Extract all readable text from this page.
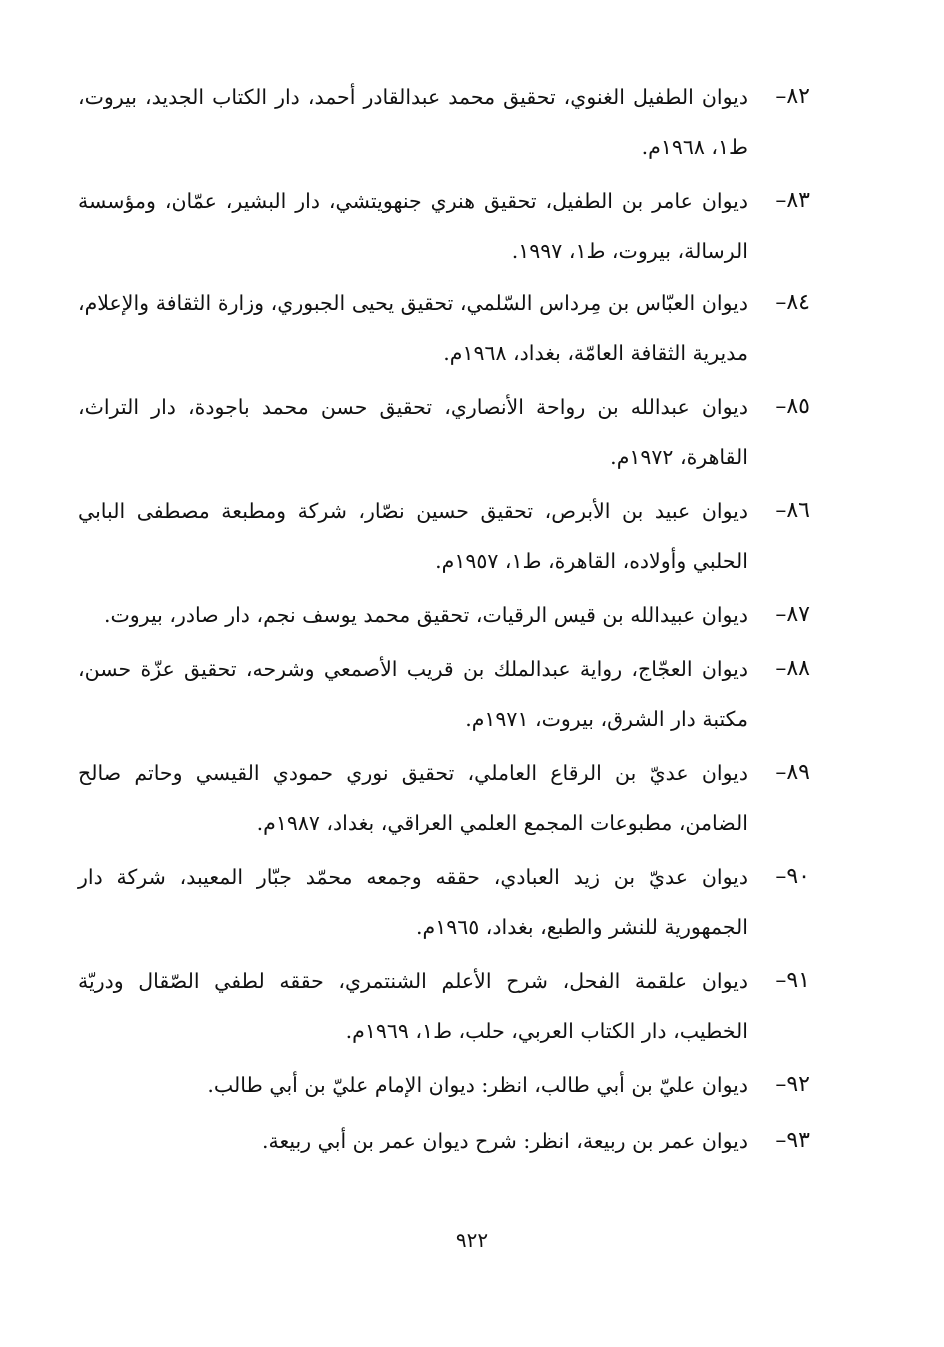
٨٢–
ديوان الطفيل الغنوي، تحقيق محمد عبدالقادر أحمد، دار الكتاب الجديد، بيروت، ط١، ١٩٦٨م.
٨٣–
ديوان عامر بن الطفيل، تحقيق هنري جنهويتشي، دار البشير، عمّان، ومؤسسة الرسالة، بيروت، ط١، ١٩٩٧.
٨٤–
ديوان العبّاس بن مِرداس السّلمي، تحقيق يحيى الجبوري، وزارة الثقافة والإعلام، مديرية الثقافة العامّة، بغداد، ١٩٦٨م.
٨٥–
ديوان عبدالله بن رواحة الأنصاري، تحقيق حسن محمد باجودة، دار التراث، القاهرة، ١٩٧٢م.
٨٦–
ديوان عبيد بن الأبرص، تحقيق حسين نصّار، شركة ومطبعة مصطفى البابي الحلبي وأولاده، القاهرة، ط١، ١٩٥٧م.
٨٧–
ديوان عبيدالله بن قيس الرقيات، تحقيق محمد يوسف نجم، دار صادر، بيروت.
٨٨–
ديوان العجّاج، رواية عبدالملك بن قريب الأصمعي وشرحه، تحقيق عزّة حسن، مكتبة دار الشرق، بيروت، ١٩٧١م.
٨٩–
ديوان عديّ بن الرقاع العاملي، تحقيق نوري حمودي القيسي وحاتم صالح الضامن، مطبوعات المجمع العلمي العراقي، بغداد، ١٩٨٧م.
٩٠–
ديوان عديّ بن زيد العبادي، حققه وجمعه محمّد جبّار المعيبد، شركة دار الجمهورية للنشر والطبع، بغداد، ١٩٦٥م.
٩١–
ديوان علقمة الفحل، شرح الأعلم الشنتمري، حققه لطفي الصّقال ودريّة الخطيب، دار الكتاب العربي، حلب، ط١، ١٩٦٩م.
٩٢–
ديوان عليّ بن أبي طالب، انظر: ديوان الإمام عليّ بن أبي طالب.
٩٣–
ديوان عمر بن ربيعة، انظر: شرح ديوان عمر بن أبي ربيعة.
٩٢٢
